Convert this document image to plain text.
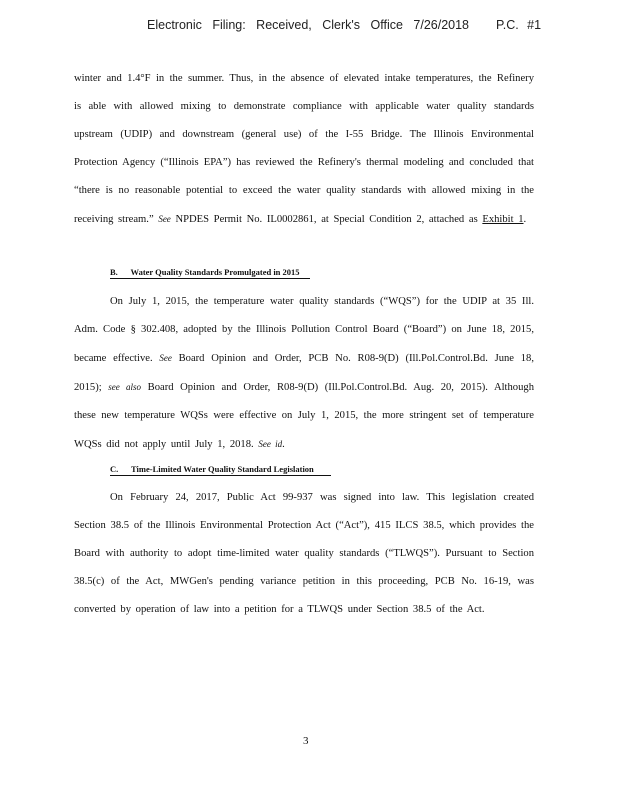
Electronic Filing: Received, Clerk's Office 7/26/2018 P.C. #1

winter and 1.4°F in the summer. Thus, in the absence of elevated intake temperatures, the Refinery is able with allowed mixing to demonstrate compliance with applicable water quality standards upstream (UDIP) and downstream (general use) of the I-55 Bridge. The Illinois Environmental Protection Agency (“Illinois EPA”) has reviewed the Refinery's thermal modeling and concluded that “there is no reasonable potential to exceed the water quality standards with allowed mixing in the receiving stream.” See NPDES Permit No. IL0002861, at Special Condition 2, attached as Exhibit 1.

B. Water Quality Standards Promulgated in 2015

On July 1, 2015, the temperature water quality standards (“WQS”) for the UDIP at 35 Ill. Adm. Code § 302.408, adopted by the Illinois Pollution Control Board (“Board”) on June 18, 2015, became effective. See Board Opinion and Order, PCB No. R08-9(D) (Ill.Pol.Control.Bd. June 18, 2015); see also Board Opinion and Order, R08-9(D) (Ill.Pol.Control.Bd. Aug. 20, 2015). Although these new temperature WQSs were effective on July 1, 2015, the more stringent set of temperature WQSs did not apply until July 1, 2018. See id.

C. Time-Limited Water Quality Standard Legislation

On February 24, 2017, Public Act 99-937 was signed into law. This legislation created Section 38.5 of the Illinois Environmental Protection Act (“Act”), 415 ILCS 38.5, which provides the Board with authority to adopt time-limited water quality standards (“TLWQS”). Pursuant to Section 38.5(c) of the Act, MWGen's pending variance petition in this proceeding, PCB No. 16-19, was converted by operation of law into a petition for a TLWQS under Section 38.5 of the Act.

3
